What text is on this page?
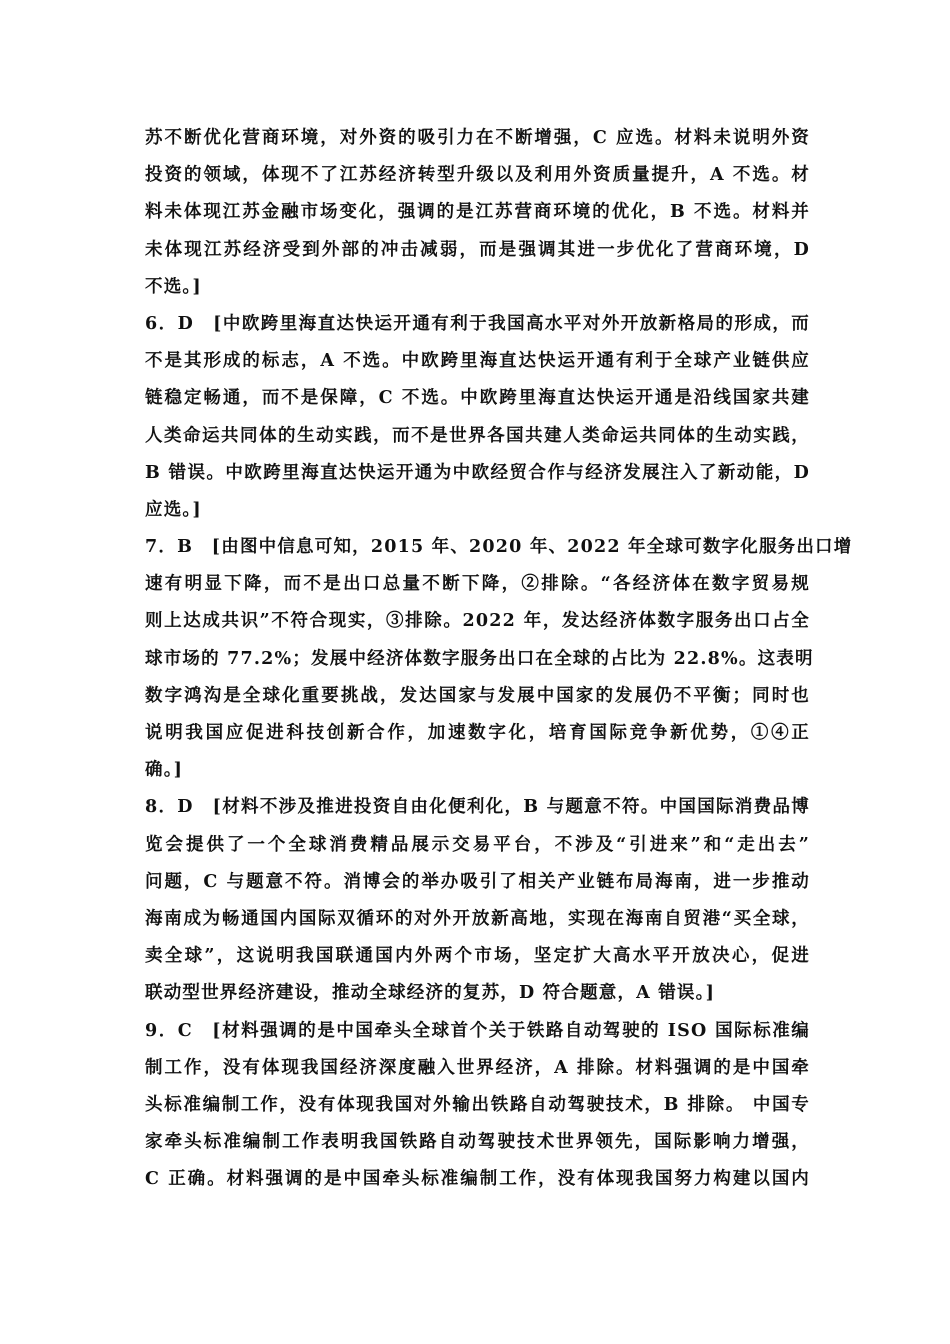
苏不断优化营商环境，对外资的吸引力在不断增强，C 应选。材料未说明外资
投资的领域，体现不了江苏经济转型升级以及利用外资质量提升，A 不选。材
料未体现江苏金融市场变化，强调的是江苏营商环境的优化，B 不选。材料并
未体现江苏经济受到外部的冲击减弱，而是强调其进一步优化了营商环境，D
不选。]
6．D　[中欧跨里海直达快运开通有利于我国高水平对外开放新格局的形成，而
不是其形成的标志，A 不选。中欧跨里海直达快运开通有利于全球产业链供应
链稳定畅通，而不是保障，C 不选。中欧跨里海直达快运开通是沿线国家共建
人类命运共同体的生动实践，而不是世界各国共建人类命运共同体的生动实践，
B 错误。中欧跨里海直达快运开通为中欧经贸合作与经济发展注入了新动能，D
应选。]
7．B　[由图中信息可知，2015 年、2020 年、2022 年全球可数字化服务出口增
速有明显下降，而不是出口总量不断下降，②排除。“各经济体在数字贸易规
则上达成共识”不符合现实，③排除。2022 年，发达经济体数字服务出口占全
球市场的 77.2%；发展中经济体数字服务出口在全球的占比为 22.8%。这表明
数字鸿沟是全球化重要挑战，发达国家与发展中国家的发展仍不平衡；同时也
说明我国应促进科技创新合作，加速数字化，培育国际竞争新优势，①④正
确。]
8．D　[材料不涉及推进投资自由化便利化，B 与题意不符。中国国际消费品博
览会提供了一个全球消费精品展示交易平台，不涉及“引进来”和“走出去”
问题，C 与题意不符。消博会的举办吸引了相关产业链布局海南，进一步推动
海南成为畅通国内国际双循环的对外开放新高地，实现在海南自贸港“买全球，
卖全球”，这说明我国联通国内外两个市场，坚定扩大高水平开放决心，促进
联动型世界经济建设，推动全球经济的复苏，D 符合题意，A 错误。]
9．C　[材料强调的是中国牵头全球首个关于铁路自动驾驶的 ISO 国际标准编
制工作，没有体现我国经济深度融入世界经济，A 排除。材料强调的是中国牵
头标准编制工作，没有体现我国对外输出铁路自动驾驶技术，B 排除。 中国专
家牵头标准编制工作表明我国铁路自动驾驶技术世界领先，国际影响力增强，
C 正确。材料强调的是中国牵头标准编制工作，没有体现我国努力构建以国内
